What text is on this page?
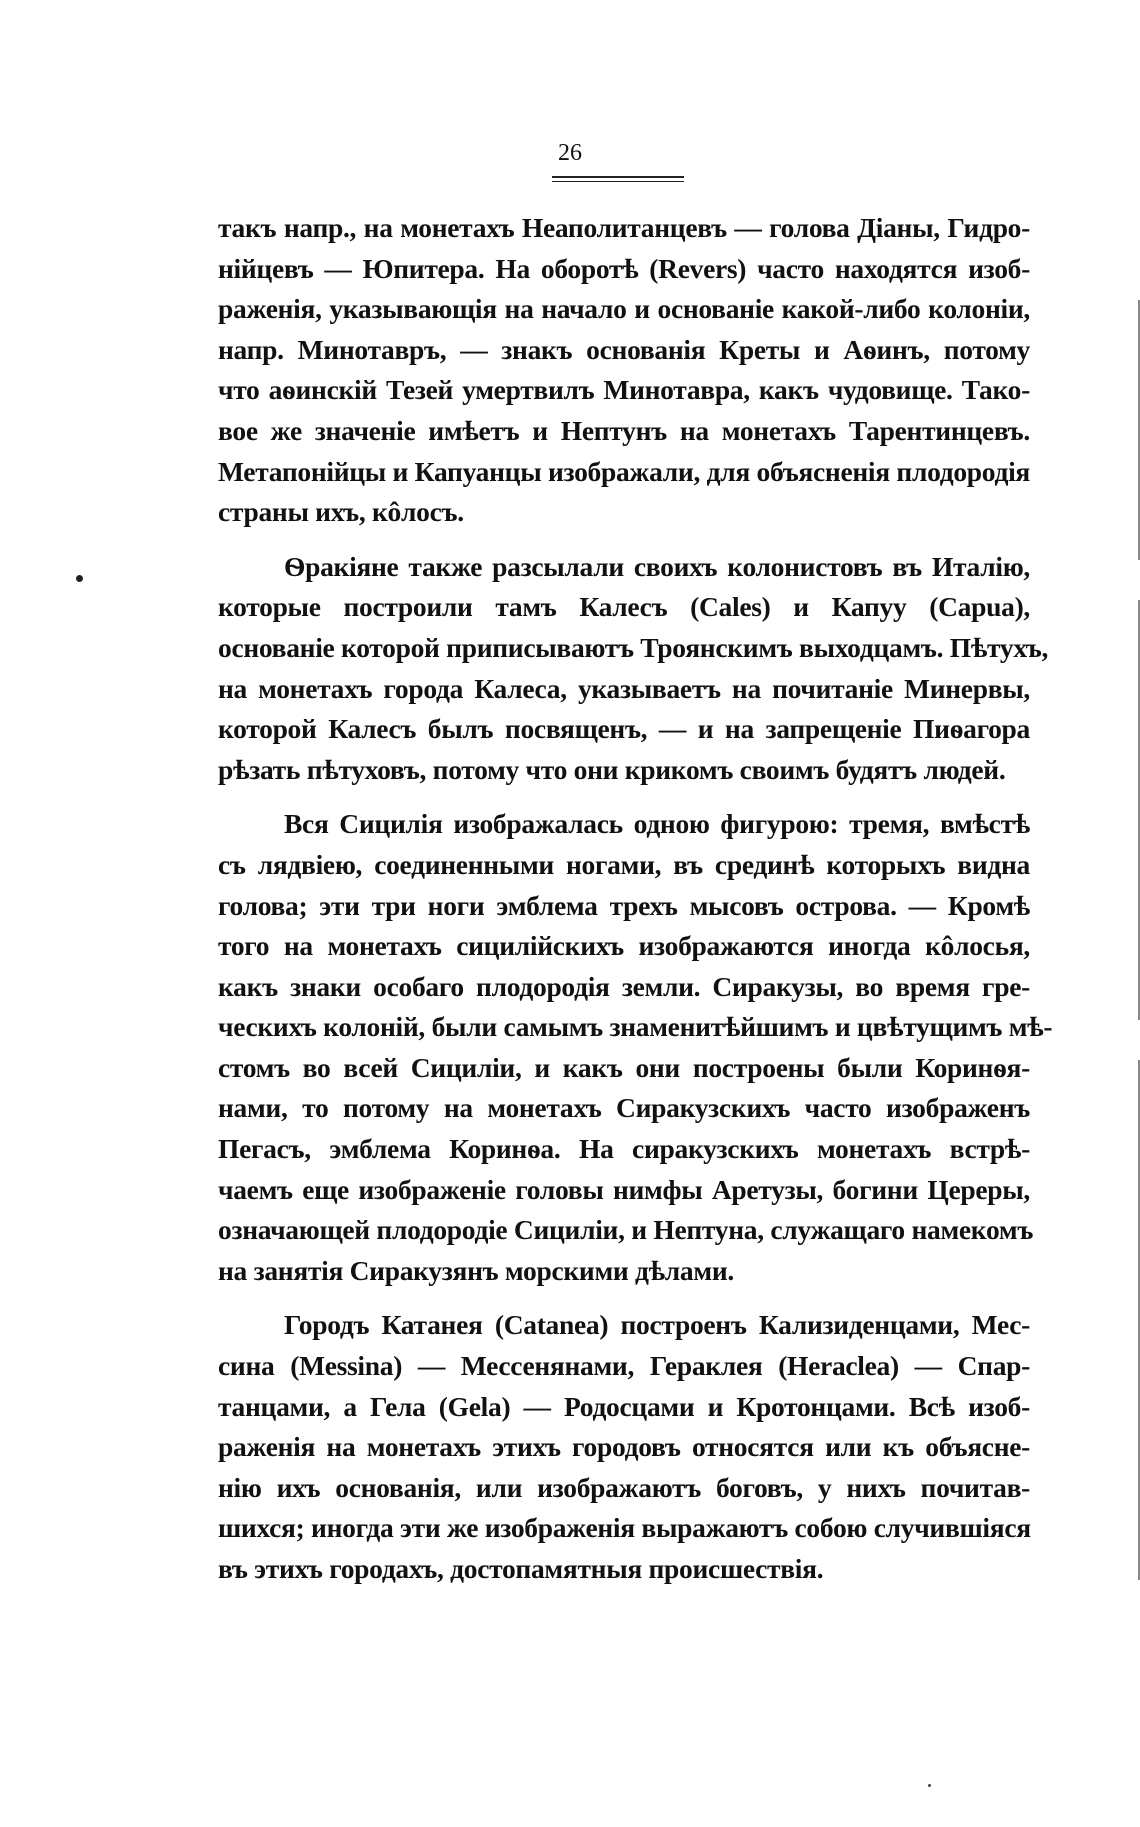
26
такъ напр., на монетахъ Неаполитанцевъ — голова Діаны, Гидро-
нійцевъ — Юпитера. На оборотѣ (Revers) часто находятся изоб-
раженія, указывающія на начало и основаніе какой-либо колоніи,
напр. Минотавръ, — знакъ основанія Креты и Аѳинъ, потому
что аѳинскій Тезей умертвилъ Минотавра, какъ чудовище. Тако-
вое же значеніе имѣетъ и Нептунъ на монетахъ Тарентинцевъ.
Метапонійцы и Капуанцы изображали, для объясненія плодородія
страны ихъ, кôлосъ.
Ѳракіяне также разсылали своихъ колонистовъ въ Италію,
которые построили тамъ Калесъ (Cales) и Капуу (Capua),
основаніе которой приписываютъ Троянскимъ выходцамъ. Пѣтухъ,
на монетахъ города Калеса, указываетъ на почитаніе Минервы,
которой Калесъ былъ посвященъ, — и на запрещеніе Пиѳагора
рѣзать пѣтуховъ, потому что они крикомъ своимъ будятъ людей.
Вся Сицилія изображалась одною фигурою: тремя, вмѣстѣ
съ лядвіею, соединенными ногами, въ срединѣ которыхъ видна
голова; эти три ноги эмблема трехъ мысовъ острова. — Кромѣ
того на монетахъ сицилійскихъ изображаются иногда кôлосья,
какъ знаки особаго плодородія земли. Сиракузы, во время гре-
ческихъ колоній, были самымъ знаменитѣйшимъ и цвѣтущимъ мѣ-
стомъ во всей Сициліи, и какъ они построены были Коринѳя-
нами, то потому на монетахъ Сиракузскихъ часто изображенъ
Пегасъ, эмблема Коринѳа. На сиракузскихъ монетахъ встрѣ-
чаемъ еще изображеніе головы нимфы Аретузы, богини Цереры,
означающей плодородіе Сициліи, и Нептуна, служащаго намекомъ
на занятія Сиракузянъ морскими дѣлами.
Городъ Катанея (Catanea) построенъ Кализиденцами, Мес-
сина (Messina) — Мессенянами, Гераклея (Heraclea) — Спар-
танцами, а Гела (Gela) — Родосцами и Кротонцами. Всѣ изоб-
раженія на монетахъ этихъ городовъ относятся или къ объясне-
нію ихъ основанія, или изображаютъ боговъ, у нихъ почитав-
шихся; иногда эти же изображенія выражаютъ собою случившіяся
въ этихъ городахъ, достопамятныя происшествія.
